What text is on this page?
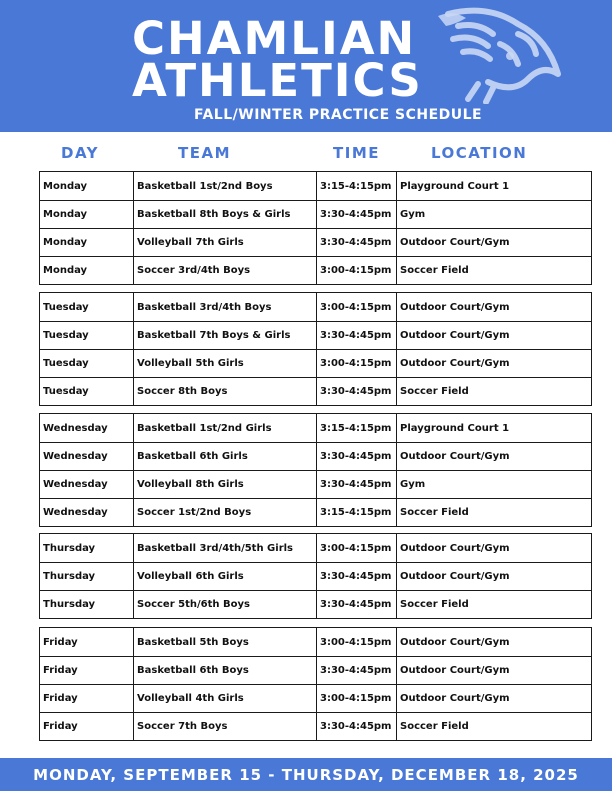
CHAMLIAN
ATHLETICS
FALL/WINTER PRACTICE SCHEDULE
DAY	TEAM	TIME	LOCATION
Monday	Basketball 1st/2nd Boys	3:15-4:15pm Playground Court 1
Monday	Basketball 8th Boys & Girls	3:30-4:45pm Gym
Monday	Volleyball 7th Girls	3:30-4:45pm Outdoor Court/Gym
Monday	Soccer 3rd/4th Boys	3:00-4:15pm Soccer Field
Tuesday	Basketball 3rd/4th Boys	3:00-4:15pm Outdoor Court/Gym
Tuesday	Basketball 7th Boys & Girls	3:30-4:45pm Outdoor Court/Gym
Tuesday	Volleyball 5th Girls	3:00-4:15pm Outdoor Court/Gym
Tuesday	Soccer 8th Boys	3:30-4:45pm Soccer Field
Wednesday	Basketball 1st/2nd Girls	3:15-4:15pm Playground Court 1
Wednesday	Basketball 6th Girls	3:30-4:45pm Outdoor Court/Gym
Wednesday	Volleyball 8th Girls	3:30-4:45pm Gym
Wednesday	Soccer 1st/2nd Boys	3:15-4:15pm Soccer Field
Thursday	Basketball 3rd/4th/5th Girls	3:00-4:15pm Outdoor Court/Gym
Thursday	Volleyball 6th Girls	3:30-4:45pm Outdoor Court/Gym
Thursday	Soccer 5th/6th Boys	3:30-4:45pm Soccer Field
Friday	Basketball 5th Boys	3:00-4:15pm Outdoor Court/Gym
Friday	Basketball 6th Boys	3:30-4:45pm Outdoor Court/Gym
Friday	Volleyball 4th Girls	3:00-4:15pm Outdoor Court/Gym
Friday	Soccer 7th Boys	3:30-4:45pm Soccer Field
MONDAY, SEPTEMBER 15 - THURSDAY, DECEMBER 18, 2025
